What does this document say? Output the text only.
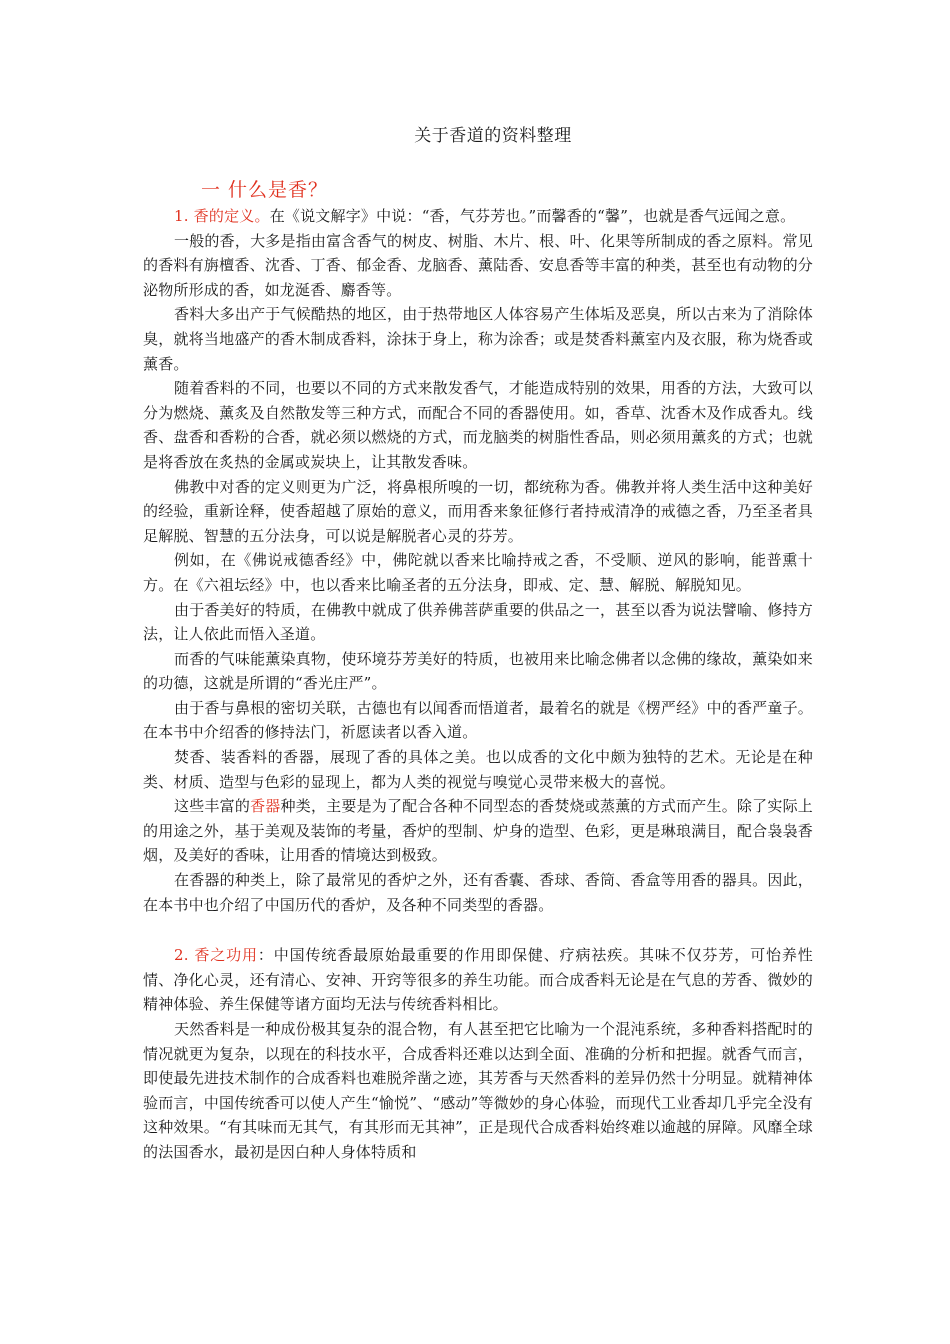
关于香道的资料整理
一 什么是香？

1. 香的定义。在《说文解字》中说：“香，气芬芳也。”而馨香的“馨”，也就是香气远闻之意。

一般的香，大多是指由富含香气的树皮、树脂、木片、根、叶、化果等所制成的香之原料。常见的香料有旃檀香、沈香、丁香、郁金香、龙脑香、薰陆香、安息香等丰富的种类，甚至也有动物的分泌物所形成的香，如龙涎香、麝香等。

香料大多出产于气候酷热的地区，由于热带地区人体容易产生体垢及恶臭，所以古来为了消除体臭，就将当地盛产的香木制成香料，涂抹于身上，称为涂香；或是焚香料薰室内及衣服，称为烧香或薰香。

随着香料的不同，也要以不同的方式来散发香气，才能造成特别的效果，用香的方法，大致可以分为燃烧、薰炙及自然散发等三种方式，而配合不同的香器使用。如，香草、沈香木及作成香丸。线香、盘香和香粉的合香，就必须以燃烧的方式，而龙脑类的树脂性香品，则必须用薰炙的方式；也就是将香放在炙热的金属或炭块上，让其散发香味。

佛教中对香的定义则更为广泛，将鼻根所嗅的一切，都统称为香。佛教并将人类生活中这种美好的经验，重新诠释，使香超越了原始的意义，而用香来象征修行者持戒清净的戒德之香，乃至圣者具足解脱、智慧的五分法身，可以说是解脱者心灵的芬芳。

例如，在《佛说戒德香经》中，佛陀就以香来比喻持戒之香，不受顺、逆风的影响，能普熏十方。在《六祖坛经》中，也以香来比喻圣者的五分法身，即戒、定、慧、解脱、解脱知见。

由于香美好的特质，在佛教中就成了供养佛菩萨重要的供品之一，甚至以香为说法譬喻、修持方法，让人依此而悟入圣道。

而香的气味能薰染真物，使环境芬芳美好的特质，也被用来比喻念佛者以念佛的缘故，薰染如来的功德，这就是所谓的“香光庄严”。

由于香与鼻根的密切关联，古德也有以闻香而悟道者，最着名的就是《楞严经》中的香严童子。在本书中介绍香的修持法门，祈愿读者以香入道。

焚香、装香料的香器，展现了香的具体之美。也以成香的文化中颇为独特的艺术。无论是在种类、材质、造型与色彩的显现上，都为人类的视觉与嗅觉心灵带来极大的喜悦。

这些丰富的香器种类，主要是为了配合各种不同型态的香焚烧或蒸薰的方式而产生。除了实际上的用途之外，基于美观及装饰的考量，香炉的型制、炉身的造型、色彩，更是琳琅满目，配合袅袅香烟，及美好的香味，让用香的情境达到极致。

在香器的种类上，除了最常见的香炉之外，还有香囊、香球、香筒、香盒等用香的器具。因此，在本书中也介绍了中国历代的香炉，及各种不同类型的香器。

2. 香之功用：中国传统香最原始最重要的作用即保健、疗病祛疾。其味不仅芬芳，可怡养性情、净化心灵，还有清心、安神、开窍等很多的养生功能。而合成香料无论是在气息的芳香、微妙的精神体验、养生保健等诸方面均无法与传统香料相比。

天然香料是一种成份极其复杂的混合物，有人甚至把它比喻为一个混沌系统，多种香料搭配时的情况就更为复杂，以现在的科技水平，合成香料还难以达到全面、准确的分析和把握。就香气而言，即使最先进技术制作的合成香料也难脱斧凿之迹，其芳香与天然香料的差异仍然十分明显。就精神体验而言，中国传统香可以使人产生“愉悦”、“感动”等微妙的身心体验，而现代工业香却几乎完全没有这种效果。“有其味而无其气，有其形而无其神”，正是现代合成香料始终难以逾越的屏障。风靡全球的法国香水，最初是因白种人身体特质和
